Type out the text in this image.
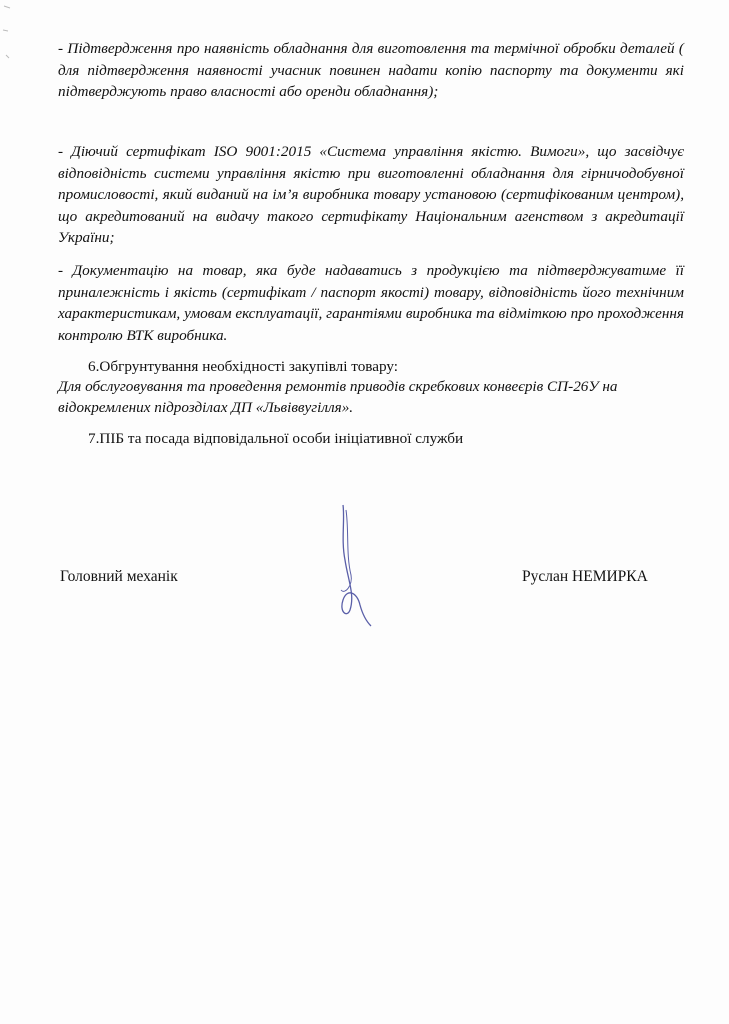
- Підтвердження про наявність обладнання для виготовлення та термічної обробки деталей ( для підтвердження наявності учасник повинен надати копію паспорту та документи які підтверджують право власності або оренди обладнання);
- Діючий сертифікат ISO 9001:2015 «Система управління якістю. Вимоги», що засвідчує відповідність системи управління якістю при виготовленні обладнання для гірничодобувної промисловості, який виданий на ім’я виробника товару установою (сертифікованим центром), що акредитований на видачу такого сертифікату Національним агенством з акредитації України;
- Документацію на товар, яка буде надаватись з продукцією та підтверджуватиме її приналежність і якість (сертифікат / паспорт якості) товару, відповідність його технічним характеристикам, умовам експлуатації, гарантіями виробника та відміткою про проходження контролю ВТК виробника.
6.Обгрунтування необхідності закупівлі товару:
Для обслуговування та проведення ремонтів приводів скребкових конвеєрів СП-26У на відокремлених підрозділах ДП «Львіввугілля».
7.ПІБ та посада відповідальної особи ініціативної служби
Головний механік	Руслан НЕМИРКА
